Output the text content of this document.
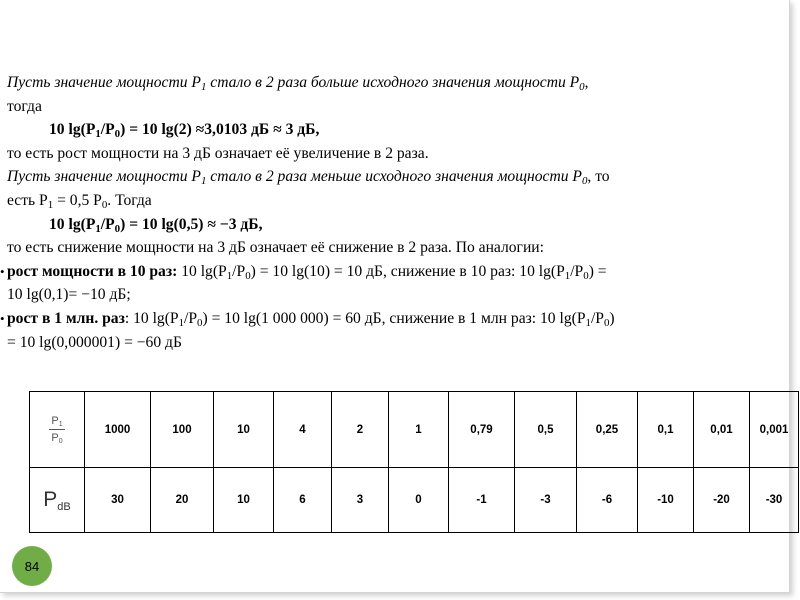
Пусть значение мощности $Р_1$ стало в 2 раза больше исходного значения мощности $Р_0$,

тогда

10 $\lg(P_1/P_0) = 10$ lg(2) ≈3,0103 дБ ≈ 3 дБ,

то есть рост мощности на 3 дБ означает её увеличение в 2 раза.

Пусть значение мощности $Р_1$ стало в 2 раза меньше исходного значения мощности $Р_0$, то

есть $Р_1 = 0,5$ $Р_0$. Тогда

10 $\lg(P_1/P_0) = 10$ lg(0,5) ≈ −3 дБ,

то есть снижение мощности на 3 дБ означает её снижение в 2 раза. По аналогии:

• рост мощности в 10 раз: 10 $\lg(P_1/P_0) = 10$ lg(10) = 10 дБ, снижение в 10 раз: 10 $\lg(P_1/P_0)$ =

10 lg(0,1)= −10 дБ;

• рост в 1 млн. раз: 10 $\lg(P_1/P_0) = 10$ lg(1 000 000) = 60 дБ, снижение в 1 млн раз: 10 $\lg(P_1/P_0)$

= 10 lg(0,000001) = −60 дБ

$\frac{P_1}{P_0}$	1000	100	10	4	2	1	0,79	0,5	0,25	0,1	0,01	0,001
$P_{dB}$	30	20	10	6	3	0	-1	-3	-6	-10	-20	-30
84
